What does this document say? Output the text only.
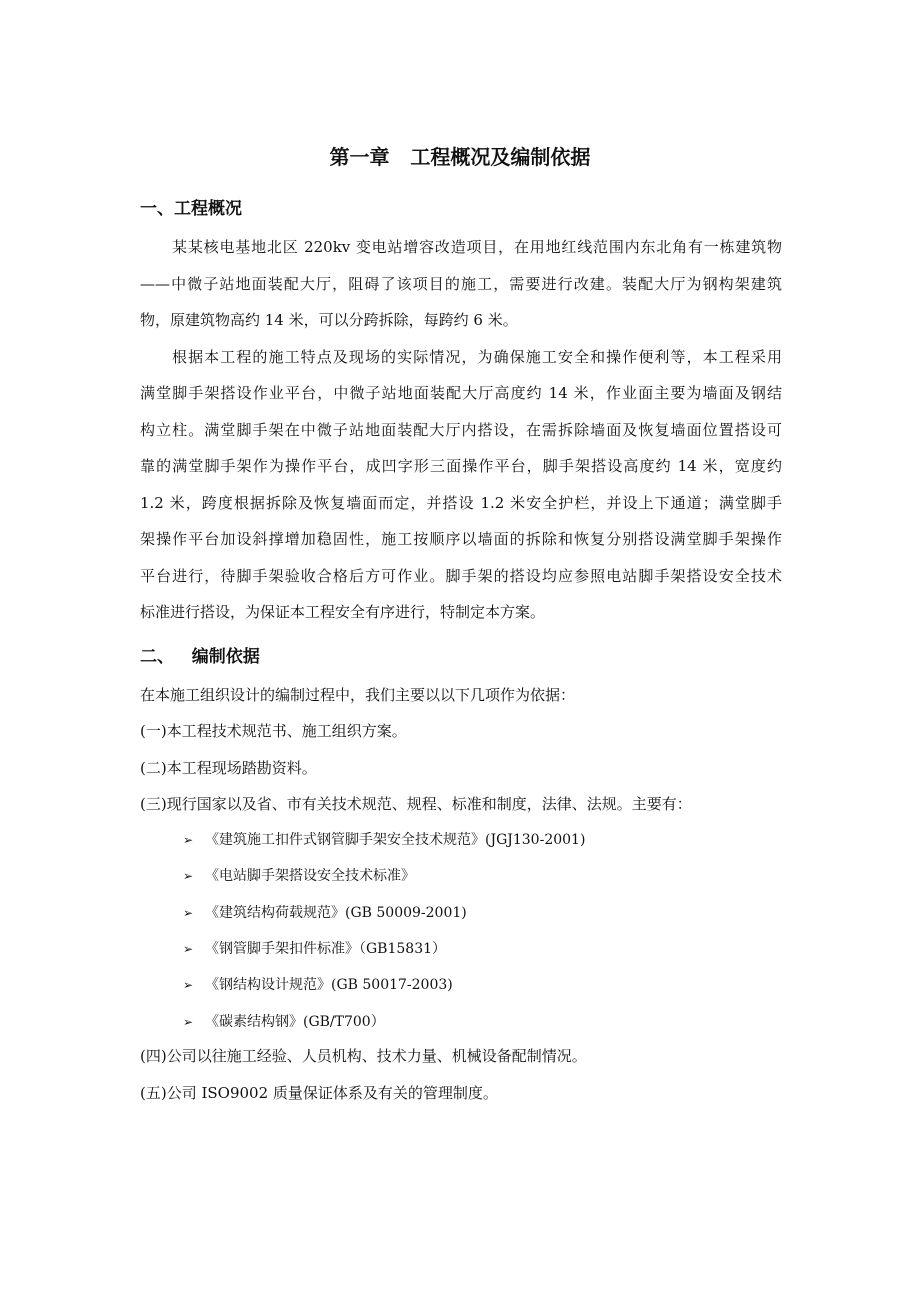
第一章   工程概况及编制依据
一、工程概况
某某核电基地北区 220kv 变电站增容改造项目，在用地红线范围内东北角有一栋建筑物
——中微子站地面装配大厅，阻碍了该项目的施工，需要进行改建。装配大厅为钢构架建筑
物，原建筑物高约 14 米，可以分跨拆除，每跨约 6 米。
根据本工程的施工特点及现场的实际情况，为确保施工安全和操作便利等，本工程采用
满堂脚手架搭设作业平台，中微子站地面装配大厅高度约 14 米，作业面主要为墙面及钢结
构立柱。满堂脚手架在中微子站地面装配大厅内搭设，在需拆除墙面及恢复墙面位置搭设可
靠的满堂脚手架作为操作平台，成凹字形三面操作平台，脚手架搭设高度约 14 米，宽度约
1.2 米，跨度根据拆除及恢复墙面而定，并搭设 1.2 米安全护栏，并设上下通道；满堂脚手
架操作平台加设斜撑增加稳固性，施工按顺序以墙面的拆除和恢复分别搭设满堂脚手架操作
平台进行，待脚手架验收合格后方可作业。脚手架的搭设均应参照电站脚手架搭设安全技术
标准进行搭设，为保证本工程安全有序进行，特制定本方案。
二、   编制依据
在本施工组织设计的编制过程中，我们主要以以下几项作为依据：
(一)本工程技术规范书、施工组织方案。
(二)本工程现场踏勘资料。
(三)现行国家以及省、市有关技术规范、规程、标准和制度，法律、法规。主要有：
➢ 《建筑施工扣件式钢管脚手架安全技术规范》(JGJ130-2001)
➢ 《电站脚手架搭设安全技术标准》
➢ 《建筑结构荷载规范》(GB 50009-2001)
➢ 《钢管脚手架扣件标准》（GB15831）
➢ 《钢结构设计规范》(GB 50017-2003)
➢ 《碳素结构钢》(GB/T700）
(四)公司以往施工经验、人员机构、技术力量、机械设备配制情况。
(五)公司 ISO9002 质量保证体系及有关的管理制度。
